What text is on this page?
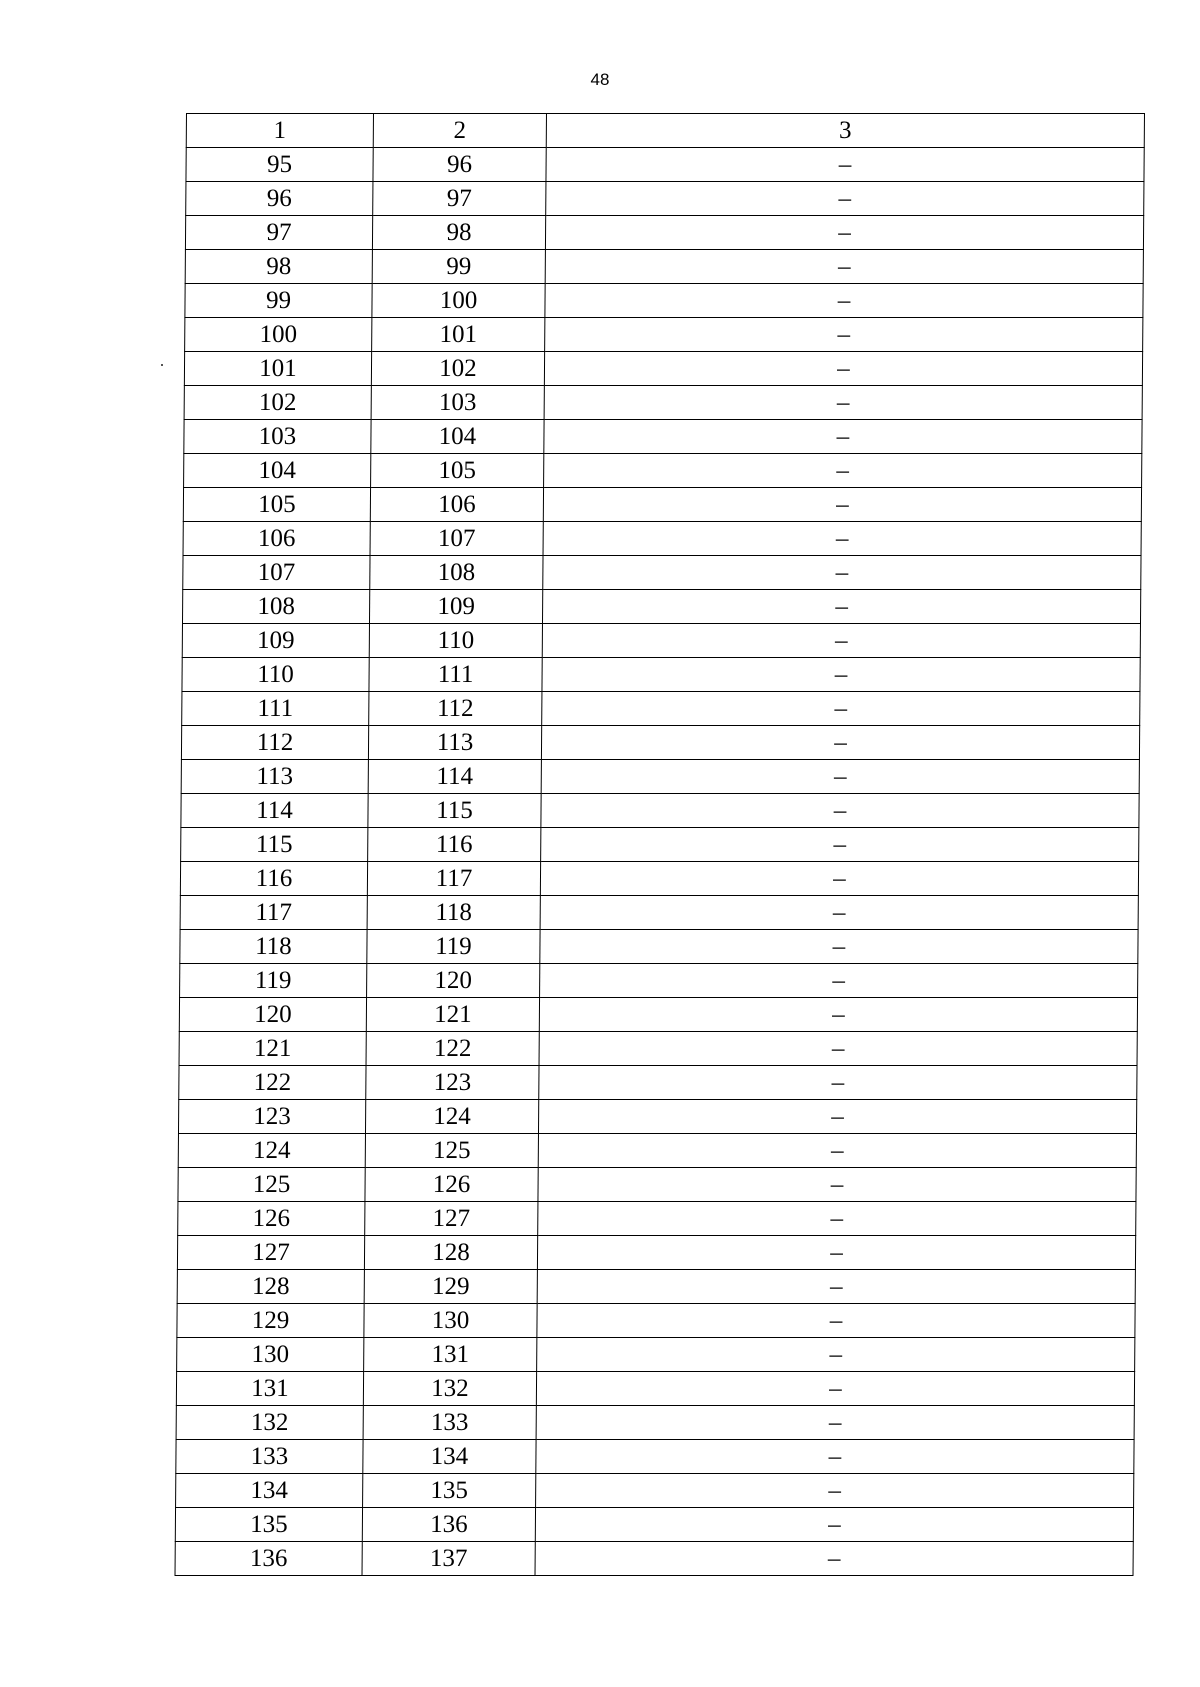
48
1	2	3
95	96	–
96	97	–
97	98	–
98	99	–
99	100	–
100	101	–
101	102	–
102	103	–
103	104	–
104	105	–
105	106	–
106	107	–
107	108	–
108	109	–
109	110	–
110	111	–
111	112	–
112	113	–
113	114	–
114	115	–
115	116	–
116	117	–
117	118	–
118	119	–
119	120	–
120	121	–
121	122	–
122	123	–
123	124	–
124	125	–
125	126	–
126	127	–
127	128	–
128	129	–
129	130	–
130	131	–
131	132	–
132	133	–
133	134	–
134	135	–
135	136	–
136	137	–
